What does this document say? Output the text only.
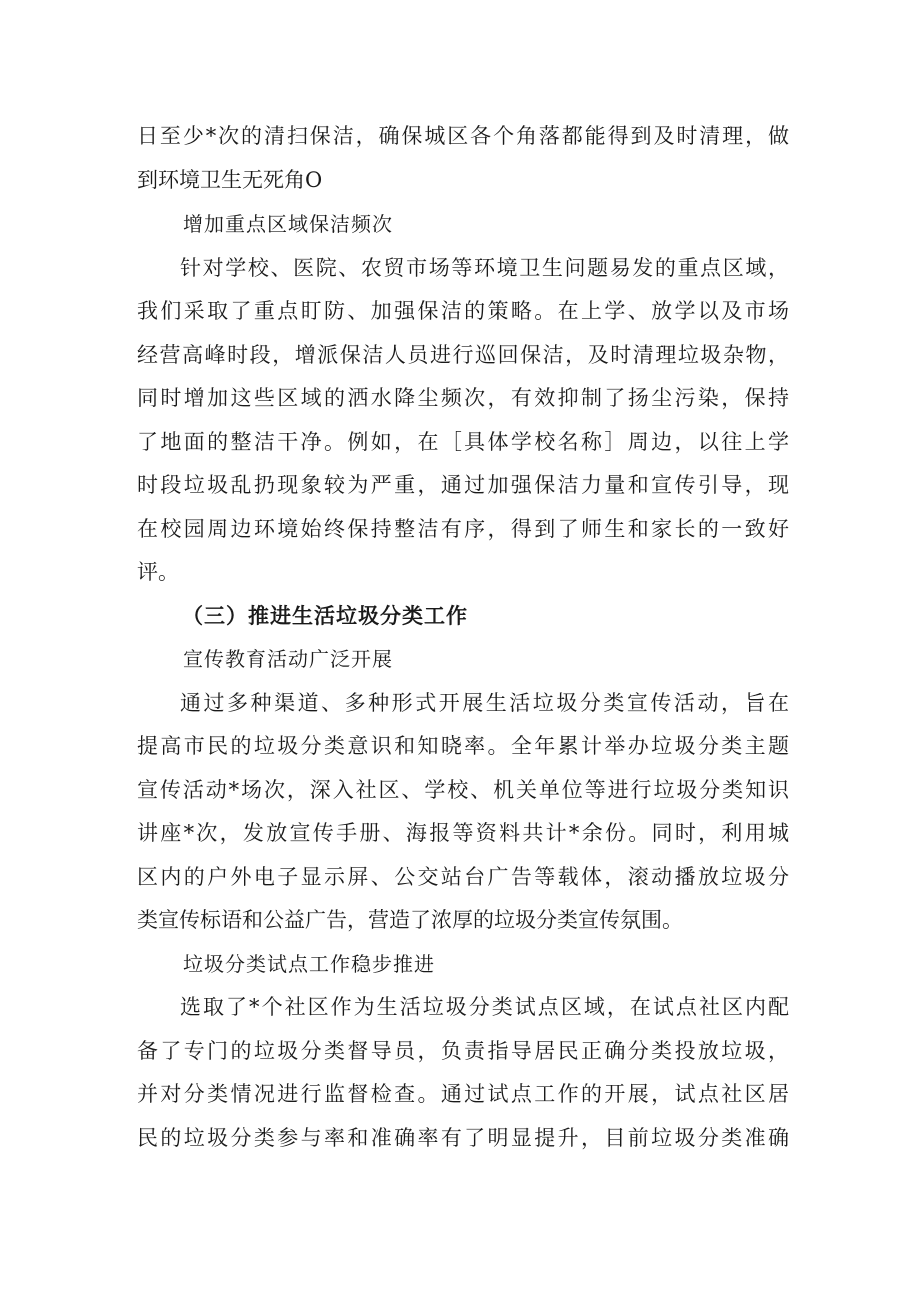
日至少*次的清扫保洁，确保城区各个角落都能得到及时清理，做
到环境卫生无死角O
增加重点区域保洁频次
针对学校、医院、农贸市场等环境卫生问题易发的重点区域，
我们采取了重点盯防、加强保洁的策略。在上学、放学以及市场
经营高峰时段，增派保洁人员进行巡回保洁，及时清理垃圾杂物，
同时增加这些区域的洒水降尘频次，有效抑制了扬尘污染，保持
了地面的整洁干净。例如，在［具体学校名称］周边，以往上学
时段垃圾乱扔现象较为严重，通过加强保洁力量和宣传引导，现
在校园周边环境始终保持整洁有序，得到了师生和家长的一致好
评。
（三）推进生活垃圾分类工作
宣传教育活动广泛开展
通过多种渠道、多种形式开展生活垃圾分类宣传活动，旨在
提高市民的垃圾分类意识和知晓率。全年累计举办垃圾分类主题
宣传活动*场次，深入社区、学校、机关单位等进行垃圾分类知识
讲座*次，发放宣传手册、海报等资料共计*余份。同时，利用城
区内的户外电子显示屏、公交站台广告等载体，滚动播放垃圾分
类宣传标语和公益广告，营造了浓厚的垃圾分类宣传氛围。
垃圾分类试点工作稳步推进
选取了*个社区作为生活垃圾分类试点区域，在试点社区内配
备了专门的垃圾分类督导员，负责指导居民正确分类投放垃圾，
并对分类情况进行监督检查。通过试点工作的开展，试点社区居
民的垃圾分类参与率和准确率有了明显提升，目前垃圾分类准确
